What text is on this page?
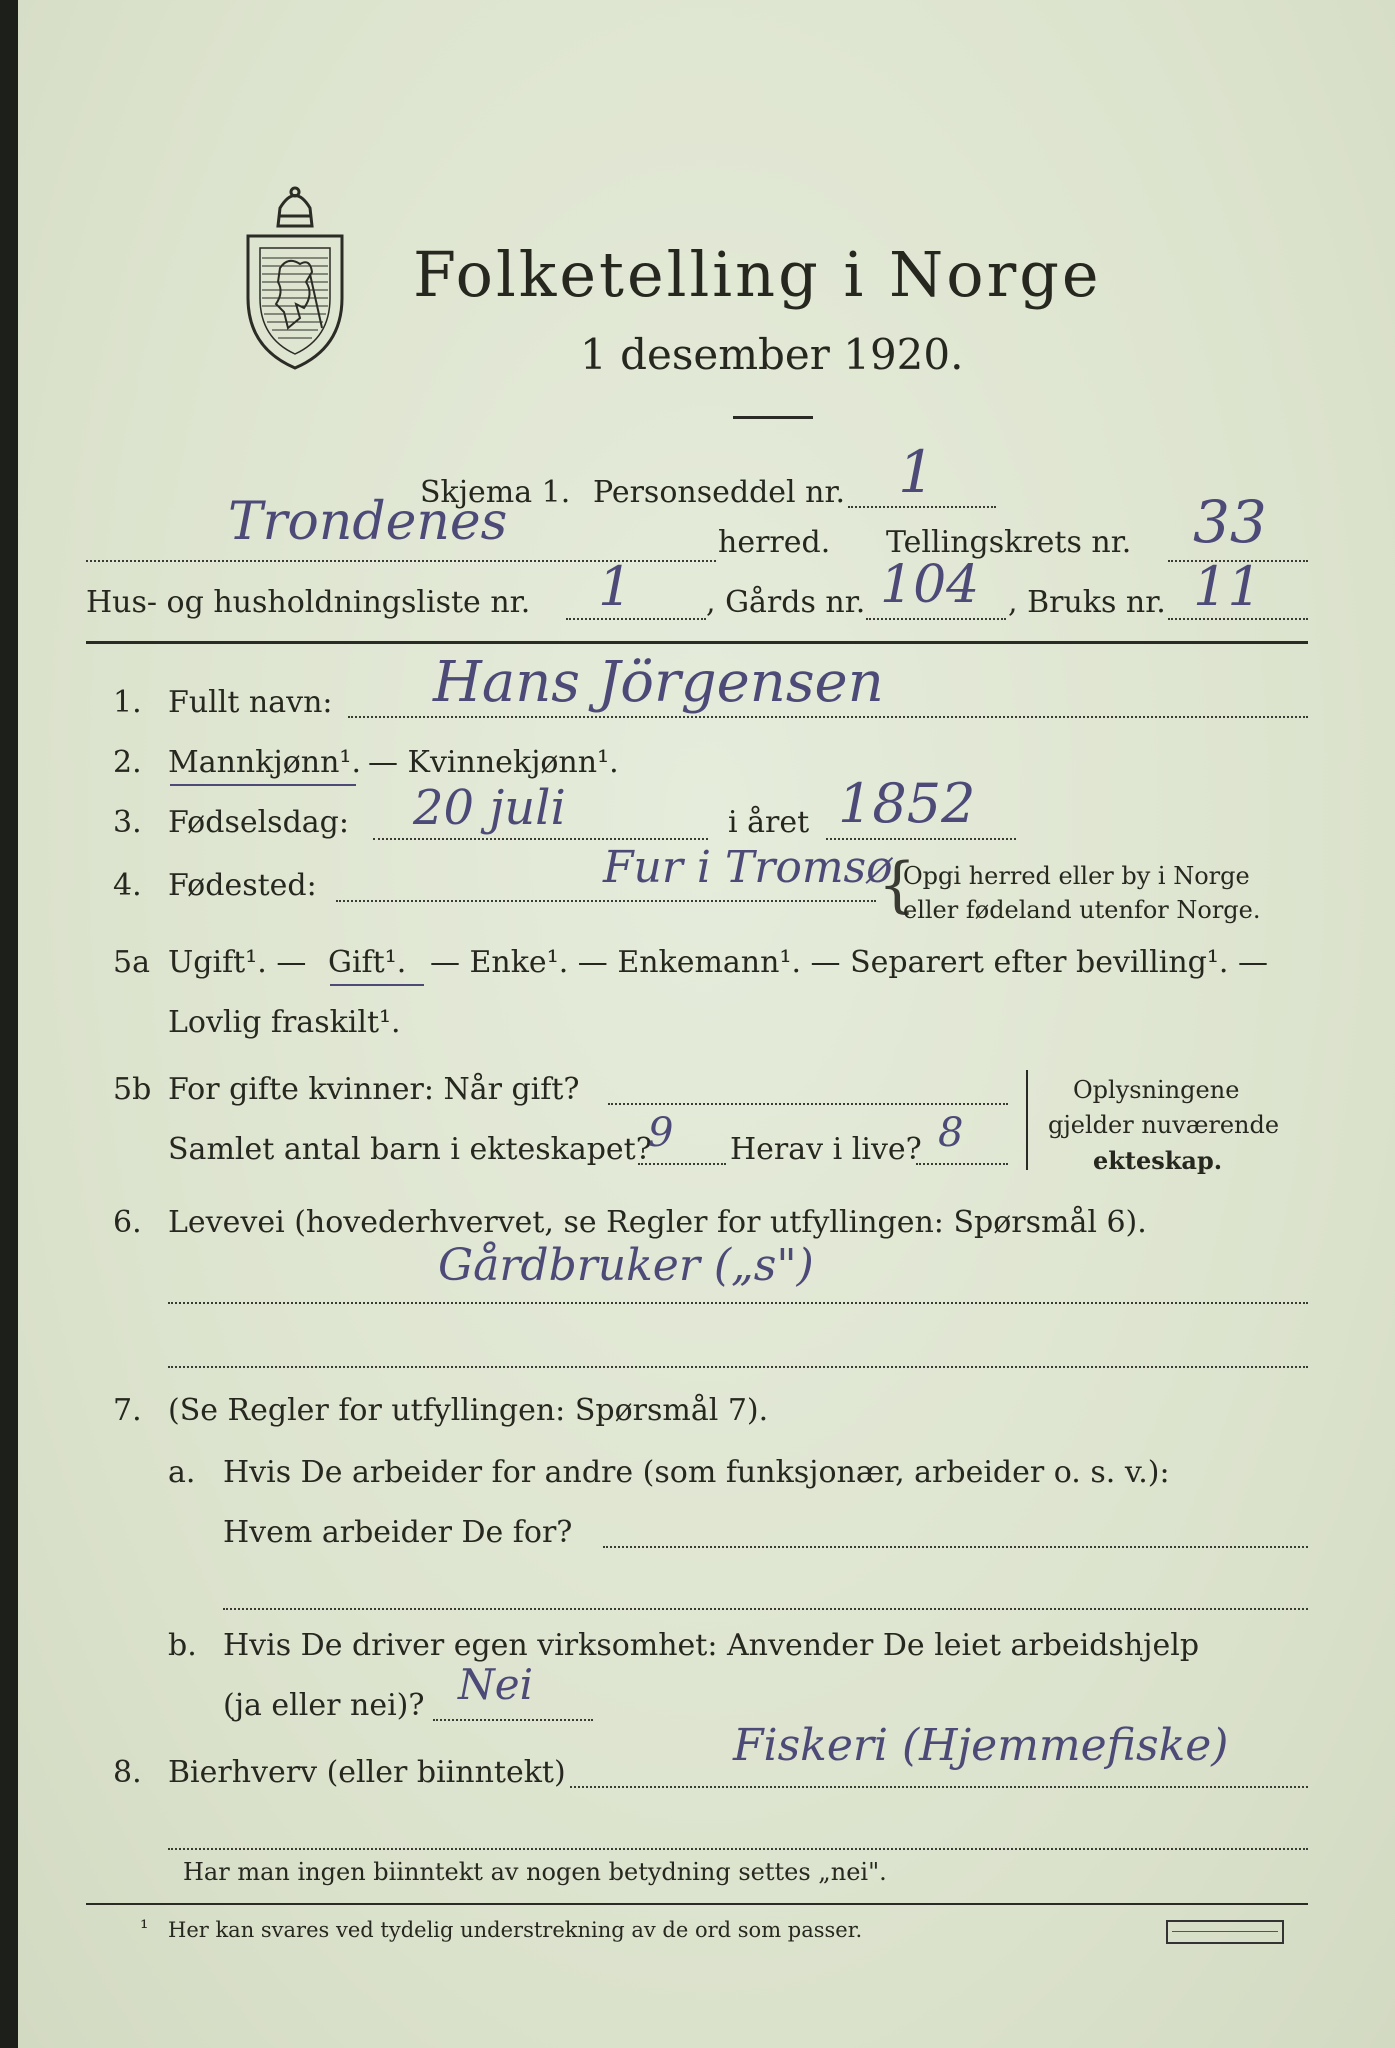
Folketelling i Norge
1 desember 1920.
Skjema 1. Personseddel nr. 1
Trondenes	herred. Tellingskrets nr. 33
Hus- og husholdningsliste nr. 1 , Gårds nr. 104 , Bruks nr. 11
1. Fullt navn: Hans Jörgensen
2. Mannkjønn¹. — Kvinnekjønn¹.
3. Fødselsdag: 20 juli	i året 1852
4. Fødested:	Fur i Tromsø
{
Opgi herred eller by i Norge
eller fødeland utenfor Norge.
5a Ugift¹. — Gift¹. — Enke¹. — Enkemann¹. — Separert efter bevilling¹. —
Lovlig fraskilt¹.
5b For gifte kvinner: Når gift?
Samlet antal barn i ekteskapet?
9 Herav i live? 8
Oplysningene
gjelder nuværende
ekteskap.
6. Levevei (hovederhvervet, se Regler for utfyllingen: Spørsmål 6).
Gårdbruker („s")
7. (Se Regler for utfyllingen: Spørsmål 7).
a. Hvis De arbeider for andre (som funksjonær, arbeider o. s. v.):
Hvem arbeider De for?
b. Hvis De driver egen virksomhet: Anvender De leiet arbeidshjelp
(ja eller nei)? Nei
8. Bierhverv (eller biinntekt)
Fiskeri (Hjemmefiske)
Har man ingen biinntekt av nogen betydning settes „nei".
¹ Her kan svares ved tydelig understrekning av de ord som passer.
